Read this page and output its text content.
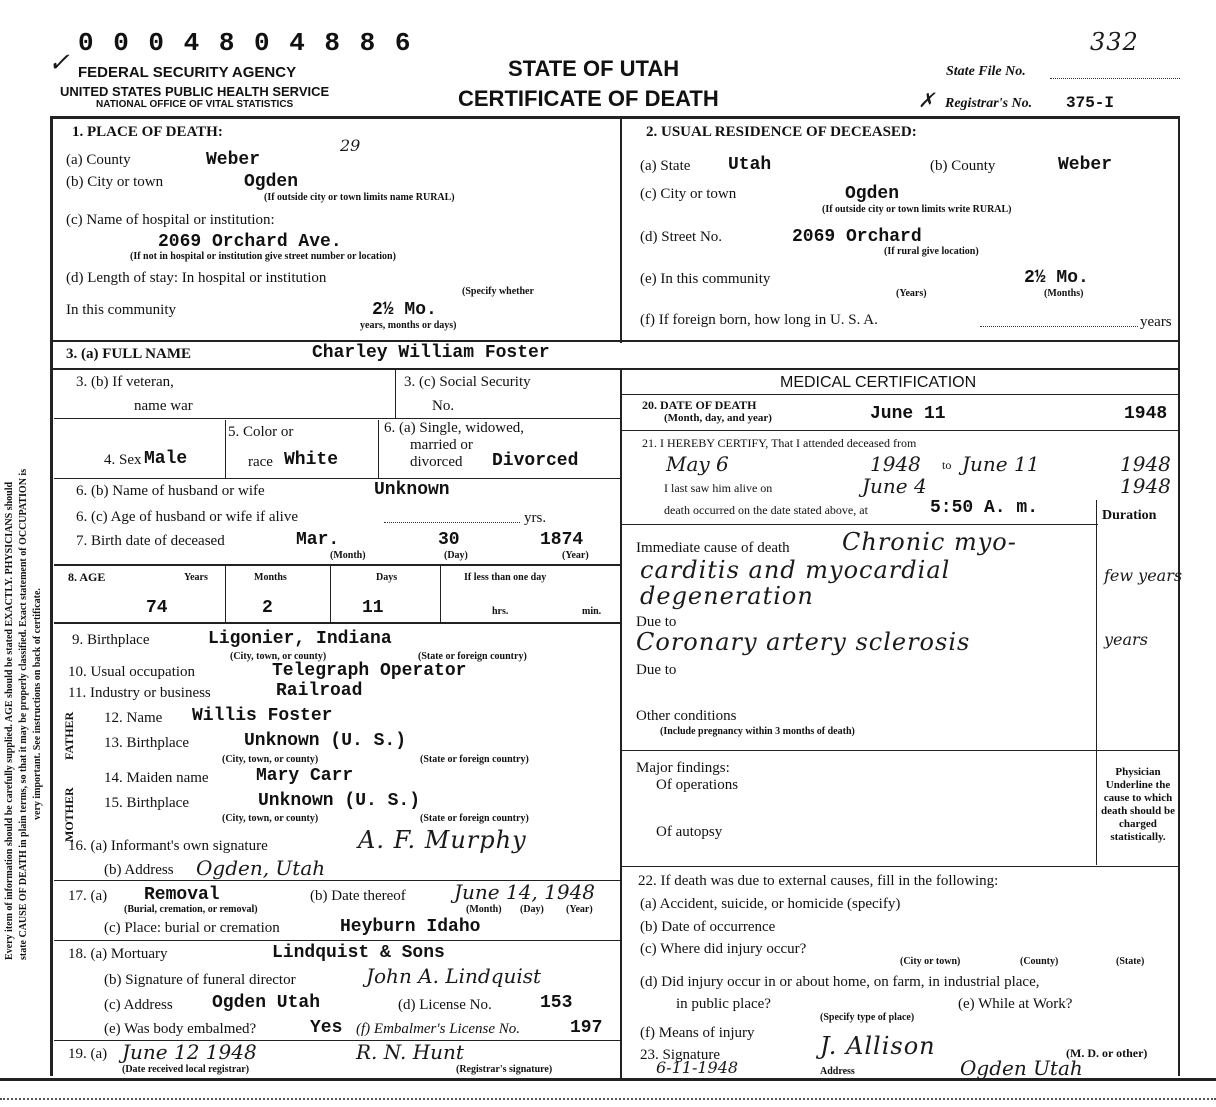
0 0 0 4 8 0 4 8 8 6
✓
332
FEDERAL SECURITY AGENCY
UNITED STATES PUBLIC HEALTH SERVICE
NATIONAL OFFICE OF VITAL STATISTICS
STATE OF UTAH
CERTIFICATE OF DEATH
State File No.
Registrar's No. 375-I
✗
Every item of information should be carefully supplied. AGE should be stated EXACTLY. PHYSICIANS should state CAUSE OF DEATH in plain terms, so that it may be properly classified. Exact statement of OCCUPATION is very important. See instructions on back of certificate.
1. PLACE OF DEATH:
(a) County	Weber
29
(b) City or town	Ogden
(If outside city or town limits name RURAL)
(c) Name of hospital or institution:
2069 Orchard Ave.
(If not in hospital or institution give street number or location)
(d) Length of stay: In hospital or institution
(Specify whether
In this community	2½ Mo.
years, months or days)
2. USUAL RESIDENCE OF DECEASED:
(a) State Utah	(b) County	Weber
(c) City or town	Ogden
(If outside city or town limits write RURAL)
(d) Street No.	2069 Orchard
(If rural give location)
(e) In this community	2½ Mo.
(Years)	(Months)
(f) If foreign born, how long in U. S. A.	years
3. (a) FULL NAME	Charley William Foster
3. (b) If veteran,
name war
3. (c) Social Security
No.
4. Sex Male
5. Color or
race White
6. (a) Single, widowed,
married or
divorced Divorced
6. (b) Name of husband or wife	Unknown
6. (c) Age of husband or wife if alive	yrs.
7. Birth date of deceased	Mar.	30	1874
(Month)	(Day)	(Year)
8. AGE	Years	Months	Days	If less than one day
74	2	11	hrs.	min.
9. Birthplace	Ligonier, Indiana
(City, town, or county)	(State or foreign country)
10. Usual occupation	Telegraph Operator
11. Industry or business	Railroad
FATHER
MOTHER
12. Name Willis Foster
13. Birthplace	Unknown (U. S.)
(City, town, or county)	(State or foreign country)
14. Maiden name	Mary Carr
15. Birthplace	Unknown (U. S.)
(City, town, or county)	(State or foreign country)
16. (a) Informant's own signature	A. F. Murphy
(b) Address Ogden, Utah
17. (a) Removal
(Burial, cremation, or removal)
(b) Date thereof June 14, 1948
(Month) (Day) (Year)
(c) Place: burial or cremation	Heyburn Idaho
18. (a) Mortuary	Lindquist & Sons
(b) Signature of funeral director	John A. Lindquist
(c) Address Ogden Utah	(d) License No.	153
(e) Was body embalmed?	Yes (f) Embalmer's License No.	197
19. (a) June 12 1948	R. N. Hunt
(Date received local registrar)	(Registrar's signature)
MEDICAL CERTIFICATION
20. DATE OF DEATH
(Month, day, and year)	June 11	1948
21. I HEREBY CERTIFY, That I attended deceased from
May 6	1948 to June 11	1948
I last saw him alive on	June 4	1948
death occurred on the date stated above, at	5:50 A. m.	Duration
Immediate cause of death Chronic myo-
carditis and myocardial
degeneration
few years
Due to
Coronary artery sclerosis	years
Due to
Other conditions
(Include pregnancy within 3 months of death)
Major findings:
Of operations
Of autopsy
Physician Underline the cause to which death should be charged statistically.
22. If death was due to external causes, fill in the following:
(a) Accident, suicide, or homicide (specify)
(b) Date of occurrence
(c) Where did injury occur?
(City or town)	(County)	(State)
(d) Did injury occur in or about home, on farm, in industrial place,
in public place?	(e) While at Work?
(Specify type of place)
(f) Means of injury
23. Signature	J. Allison	(M. D. or other)
6-11-1948	Address	Ogden Utah
